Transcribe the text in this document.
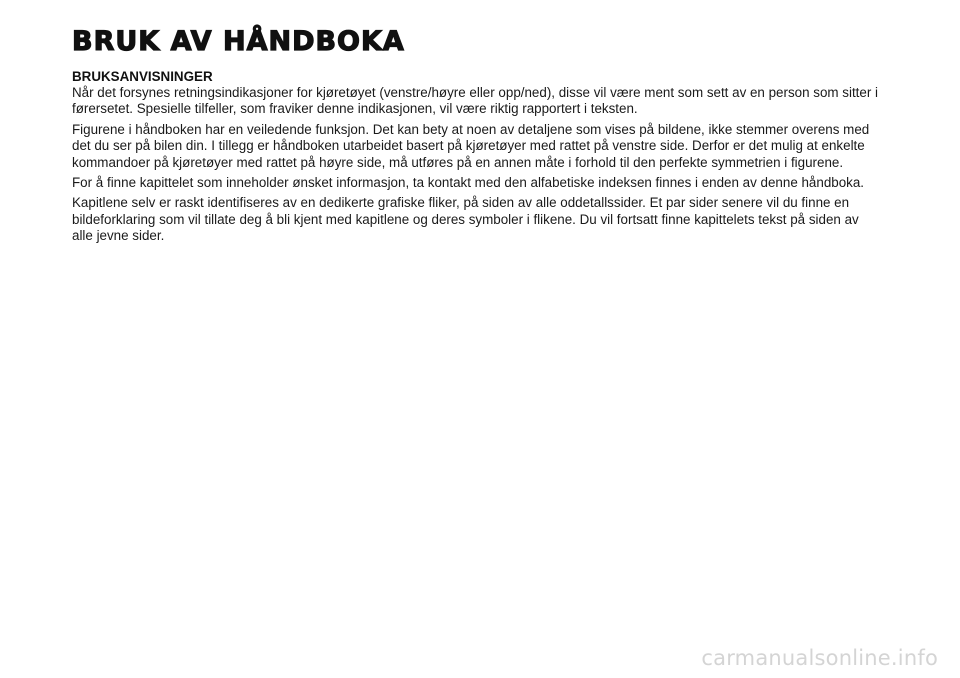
BRUK AV HÅNDBOKA
BRUKSANVISNINGER

Når det forsynes retningsindikasjoner for kjøretøyet (venstre/høyre eller opp/ned), disse vil være ment som sett av en person som sitter i førersetet. Spesielle tilfeller, som fraviker denne indikasjonen, vil være riktig rapportert i teksten.

Figurene i håndboken har en veiledende funksjon. Det kan bety at noen av detaljene som vises på bildene, ikke stemmer overens med det du ser på bilen din. I tillegg er håndboken utarbeidet basert på kjøretøyer med rattet på venstre side. Derfor er det mulig at enkelte kommandoer på kjøretøyer med rattet på høyre side, må utføres på en annen måte i forhold til den perfekte symmetrien i figurene.

For å finne kapittelet som inneholder ønsket informasjon, ta kontakt med den alfabetiske indeksen finnes i enden av denne håndboka.

Kapitlene selv er raskt identifiseres av en dedikerte grafiske fliker, på siden av alle oddetallssider. Et par sider senere vil du finne en bildeforklaring som vil tillate deg å bli kjent med kapitlene og deres symboler i flikene. Du vil fortsatt finne kapittelets tekst på siden av alle jevne sider.

carmanualsonline.info
